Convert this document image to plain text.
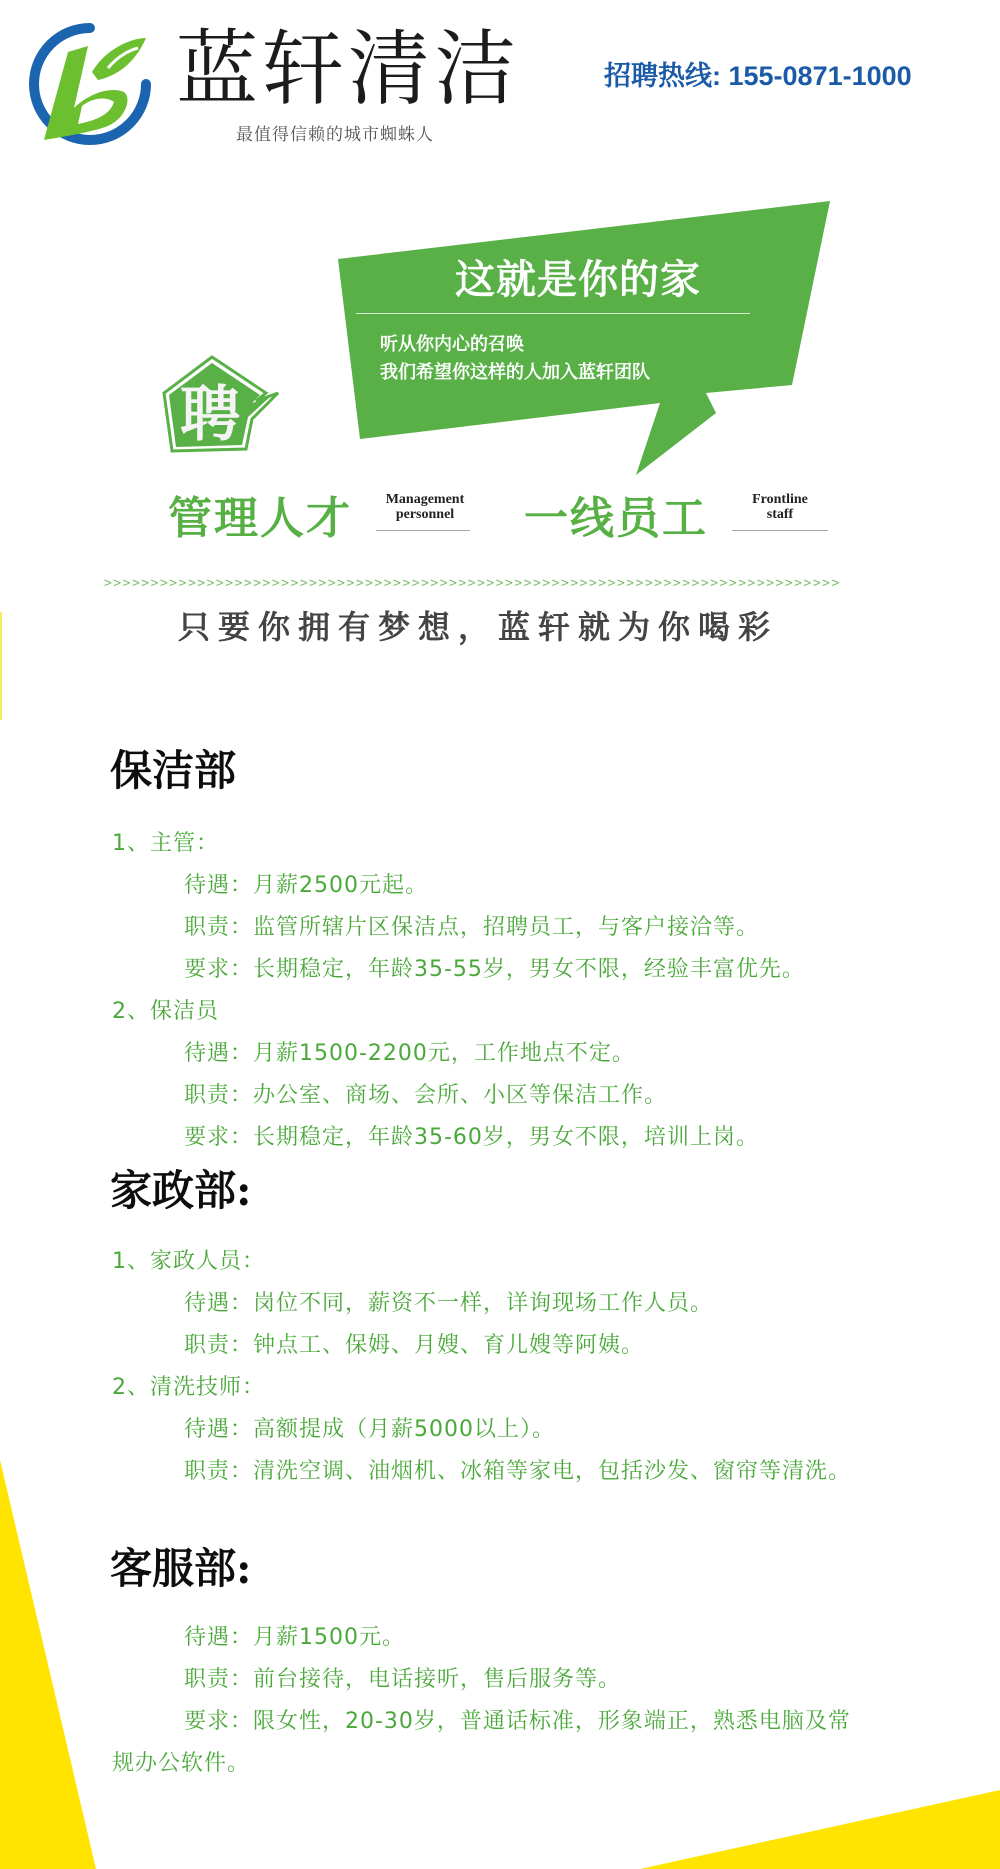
蓝轩清洁
最值得信赖的城市蜘蛛人
招聘热线: 155-0871-1000
这就是你的家
听从你内心的召唤
我们希望你这样的人加入蓝轩团队
聘
管理人才	Management
personnel	一线员工	Frontline
staff
>>>>>>>>>>>>>>>>>>>>>>>>>>>>>>>>>>>>>>>>>>>>>>>>>>>>>>>>>>>>>>>>>>>>>>>>>>>>>>>
只要你拥有梦想，蓝轩就为你喝彩
保洁部
1、主管：
待遇：月薪2500元起。
职责：监管所辖片区保洁点，招聘员工，与客户接洽等。
要求：长期稳定，年龄35-55岁，男女不限，经验丰富优先。
2、保洁员
待遇：月薪1500-2200元，工作地点不定。
职责：办公室、商场、会所、小区等保洁工作。
要求：长期稳定，年龄35-60岁，男女不限，培训上岗。
家政部:
1、家政人员：
待遇：岗位不同，薪资不一样，详询现场工作人员。
职责：钟点工、保姆、月嫂、育儿嫂等阿姨。
2、清洗技师：
待遇：高额提成（月薪5000以上）。
职责：清洗空调、油烟机、冰箱等家电，包括沙发、窗帘等清洗。
客服部:
待遇：月薪1500元。
职责：前台接待，电话接听，售后服务等。
要求：限女性，20-30岁，普通话标准，形象端正，熟悉电脑及常
规办公软件。
